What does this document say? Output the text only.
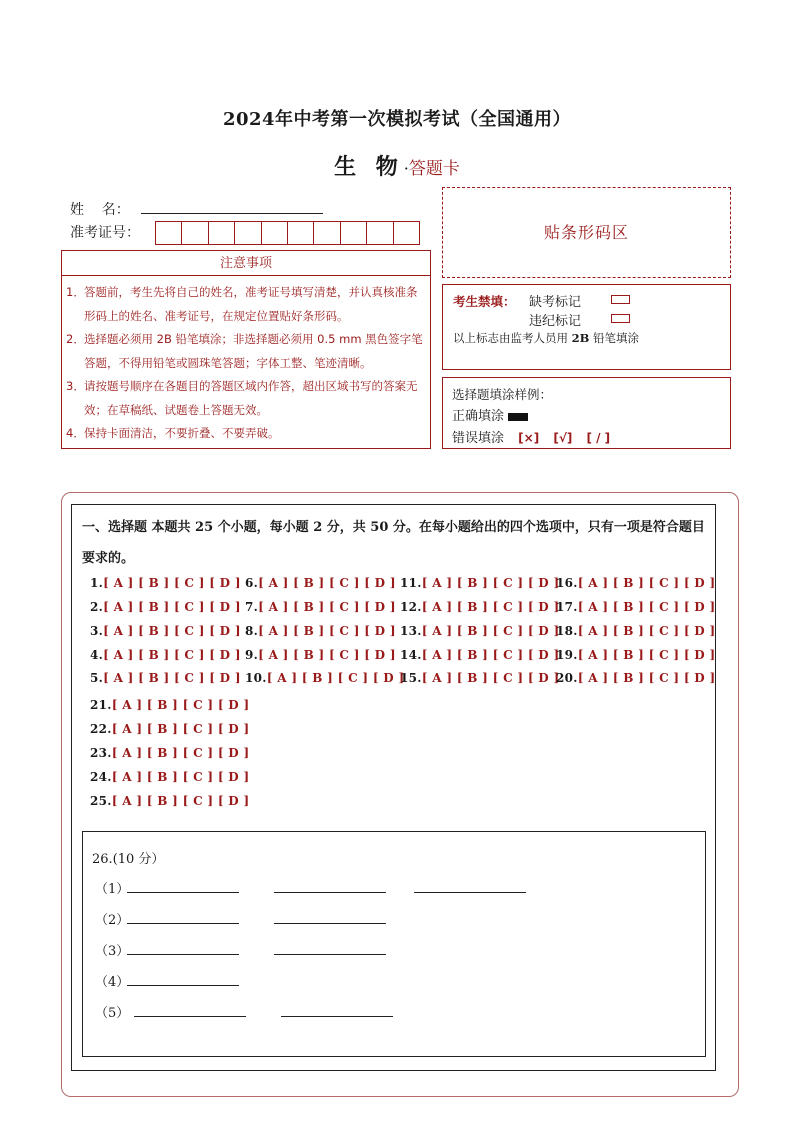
2024年中考第一次模拟考试（全国通用）
生 物·答题卡
姓    名：
准考证号：
注意事项
1． 答题前，考生先将自己的姓名，准考证号填写清楚，并认真核准条形码上的姓名、准考证号，在规定位置贴好条形码。
2． 选择题必须用 2B 铅笔填涂；非选择题必须用 0.5 mm 黑色签字笔答题，不得用铅笔或圆珠笔答题；字体工整、笔迹清晰。
3． 请按题号顺序在各题目的答题区域内作答，超出区域书写的答案无效；在草稿纸、试题卷上答题无效。
4． 保持卡面清洁，不要折叠、不要弄破。
贴条形码区
考生禁填： 缺考标记
违纪标记
以上标志由监考人员用 2B 铅笔填涂
选择题填涂样例：
正确填涂
错误填涂 [×] [√] [ / ]
一、选择题 本题共 25 个小题，每小题 2 分，共 50 分。在每小题给出的四个选项中，只有一项是符合题目要求的。
1.[ A ] [ B ] [ C ] [ D ]
2.[ A ] [ B ] [ C ] [ D ]
3.[ A ] [ B ] [ C ] [ D ]
4.[ A ] [ B ] [ C ] [ D ]
5.[ A ] [ B ] [ C ] [ D ]
6.[ A ] [ B ] [ C ] [ D ]
7.[ A ] [ B ] [ C ] [ D ]
8.[ A ] [ B ] [ C ] [ D ]
9.[ A ] [ B ] [ C ] [ D ]
10.[ A ] [ B ] [ C ] [ D ]
11.[ A ] [ B ] [ C ] [ D ]
12.[ A ] [ B ] [ C ] [ D ]
13.[ A ] [ B ] [ C ] [ D ]
14.[ A ] [ B ] [ C ] [ D ]
15.[ A ] [ B ] [ C ] [ D ]
16.[ A ] [ B ] [ C ] [ D ]
17.[ A ] [ B ] [ C ] [ D ]
18.[ A ] [ B ] [ C ] [ D ]
19.[ A ] [ B ] [ C ] [ D ]
20.[ A ] [ B ] [ C ] [ D ]
21.[ A ] [ B ] [ C ] [ D ]
22.[ A ] [ B ] [ C ] [ D ]
23.[ A ] [ B ] [ C ] [ D ]
24.[ A ] [ B ] [ C ] [ D ]
25.[ A ] [ B ] [ C ] [ D ]
26.(10 分）
（1）
（2）
（3）
（4）
（5）
